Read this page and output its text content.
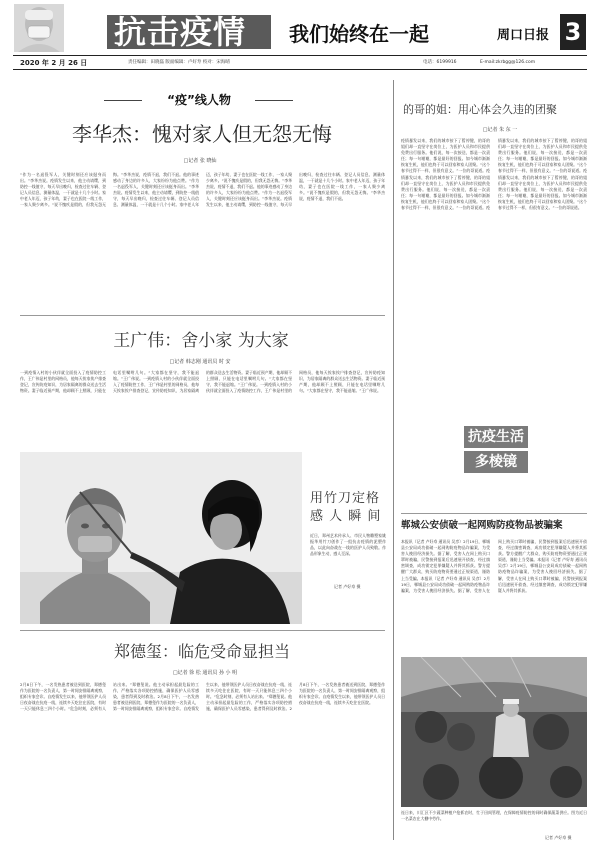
抗击疫情 我们始终在一起	周口日报 3
2020 年 2 月 26 日	责任编辑：田晓磊 版面编辑：卢好寿 校对：宋海晴	电话：6199916	E-mail:zkrbgg@126.com
“疫”线人物
李华杰：愧对家人但无怨无悔
□记者 张 晓仙
“作为一名退役军人，关键时刻还应该挺身而出。”李华杰说。疫情发生以来，他主动请缨，到防控一线值守，每天早出晚归，检查过往车辆、登记人员信息、测量体温，一干就是十几个小时。家中老人年迈，孩子年幼，妻子也在医院一线工作，一家人聚少离多。“说不愧疚是假的，但我无怨无悔。”李华杰说，疫情不退，我们不退。他的事迹感动了身边的许多人，大家纷纷为他点赞。“作为一名退役军人，关键时刻还应该挺身而出。”李华杰说。疫情发生以来，他主动请缨，到防控一线值守，每天早出晚归，检查过往车辆、登记人员信息、测量体温，一干就是十几个小时。家中老人年迈，孩子年幼，妻子也在医院一线工作，一家人聚少离多。“说不愧疚是假的，但我无怨无悔。”李华杰说，疫情不退，我们不退。他的事迹感动了身边的许多人，大家纷纷为他点赞。“作为一名退役军人，关键时刻还应该挺身而出。”李华杰说。疫情发生以来，他主动请缨，到防控一线值守，每天早出晚归，检查过往车辆、登记人员信息、测量体温，一干就是十几个小时。家中老人年迈，孩子年幼，妻子也在医院一线工作，一家人聚少离多。“说不愧疚是假的，但我无怨无悔。”李华杰说，疫情不退，我们不退。
王广伟：舍小家 为大家
□记者 韩志刚 通讯员 时 安
一到疫情入村的小伙伴就全面投入了疫情防控工作，王广伟是村里的网格员，他每天挨家挨户排查登记，宣传防疫知识，为居家隔离的群众送去生活物资。妻子临近预产期，他却顾不上照顾，只能在电话里嘱咐几句。“大家都在坚守，我不能退缩。”王广伟说。一到疫情入村的小伙伴就全面投入了疫情防控工作，王广伟是村里的网格员，他每天挨家挨户排查登记，宣传防疫知识，为居家隔离的群众送去生活物资。妻子临近预产期，他却顾不上照顾，只能在电话里嘱咐几句。“大家都在坚守，我不能退缩。”王广伟说。一到疫情入村的小伙伴就全面投入了疫情防控工作，王广伟是村里的网格员，他每天挨家挨户排查登记，宣传防疫知识，为居家隔离的群众送去生活物资。妻子临近预产期，他却顾不上照顾，只能在电话里嘱咐几句。“大家都在坚守，我不能退缩。”王广伟说。
用竹刀定格
感 人 瞬 间
近日，郑州艺术传承人、市民人物雕塑家姚振华用竹刀创作了一组抗击疫情的泥塑作品，以此向奋战在一线的医护人员致敬。作品形象生动，感人至深。
记者 卢好寿 摄
郑德玺：临危受命显担当
□记者 徐 松 通讯员 孙 小 明
2月8日下午，一名发热患者被送到医院，郑德玺作为医院的一名负责人，第一时间安排隔离观察，组织专家会诊。自疫情发生以来，他带领医护人员日夜奋战在抗疫一线，连续多天吃住在医院，有时一天只能休息三四个小时。“危急时刻，必须有人站出来。”郑德玺说。他主动承担起最危险的工作，严格落实各项防控措施，确保医护人员零感染，患者得到及时救治。2月8日下午，一名发热患者被送到医院，郑德玺作为医院的一名负责人，第一时间安排隔离观察，组织专家会诊。自疫情发生以来，他带领医护人员日夜奋战在抗疫一线，连续多天吃住在医院，有时一天只能休息三四个小时。“危急时刻，必须有人站出来。”郑德玺说。他主动承担起最危险的工作，严格落实各项防控措施，确保医护人员零感染，患者得到及时救治。2月8日下午，一名发热患者被送到医院，郑德玺作为医院的一名负责人，第一时间安排隔离观察，组织专家会诊。自疫情发生以来，他带领医护人员日夜奋战在抗疫一线，连续多天吃住在医院。
的哥的姐：用心体会久违的团聚
□记者 朱 东 一
疫情暴发以来，我们的城市按下了暂停键，的哥的姐们却一直坚守在岗位上，为医护人员和市民提供免费出行服务。他们说，每一次接送，都是一次责任；每一句谢谢，都是最好的回报。如今城市渐渐恢复生机，他们也终于可以回家和家人团聚。“这个春节过得不一样，但很有意义。”一位的哥说道。疫情暴发以来，我们的城市按下了暂停键，的哥的姐们却一直坚守在岗位上，为医护人员和市民提供免费出行服务。他们说，每一次接送，都是一次责任；每一句谢谢，都是最好的回报。如今城市渐渐恢复生机，他们也终于可以回家和家人团聚。“这个春节过得不一样，但很有意义。”一位的哥说道。疫情暴发以来，我们的城市按下了暂停键，的哥的姐们却一直坚守在岗位上，为医护人员和市民提供免费出行服务。他们说，每一次接送，都是一次责任；每一句谢谢，都是最好的回报。如今城市渐渐恢复生机，他们也终于可以回家和家人团聚。“这个春节过得不一样，但很有意义。”一位的哥说道。疫情暴发以来，我们的城市按下了暂停键，的哥的姐们却一直坚守在岗位上，为医护人员和市民提供免费出行服务。他们说，每一次接送，都是一次责任；每一句谢谢，都是最好的回报。如今城市渐渐恢复生机，他们也终于可以回家和家人团聚。“这个春节过得不一样，但很有意义。”一位的哥说道。
抗疫生活
多棱镜
郸城公安侦破一起网购防疫物品被骗案
本报讯（记者 卢好寿 通讯员 吴彦）2月19日，郸城县公安局成功侦破一起网购防疫物品诈骗案，为受害人挽回经济损失。据了解，受害人在网上购买口罩时被骗，民警接到报案后迅速展开侦查，经过缜密调查，成功锁定犯罪嫌疑人并将其抓获。警方提醒广大群众，购买防疫物资要通过正规渠道，谨防上当受骗。本报讯（记者 卢好寿 通讯员 吴彦）2月19日，郸城县公安局成功侦破一起网购防疫物品诈骗案，为受害人挽回经济损失。据了解，受害人在网上购买口罩时被骗，民警接到报案后迅速展开侦查，经过缜密调查，成功锁定犯罪嫌疑人并将其抓获。警方提醒广大群众，购买防疫物资要通过正规渠道，谨防上当受骗。本报讯（记者 卢好寿 通讯员 吴彦）2月19日，郸城县公安局成功侦破一起网购防疫物品诈骗案，为受害人挽回经济损失。据了解，受害人在网上购买口罩时被骗，民警接到报案后迅速展开侦查，经过缜密调查，成功锁定犯罪嫌疑人并将其抓获。
连日来，川汇区不少蔬菜种植户抢抓农时，忙于田间管理，在保障疫情防控的同时确保蔬菜供应。图为近日一名菜农在大棚中劳作。
记者 卢好寿 摄
